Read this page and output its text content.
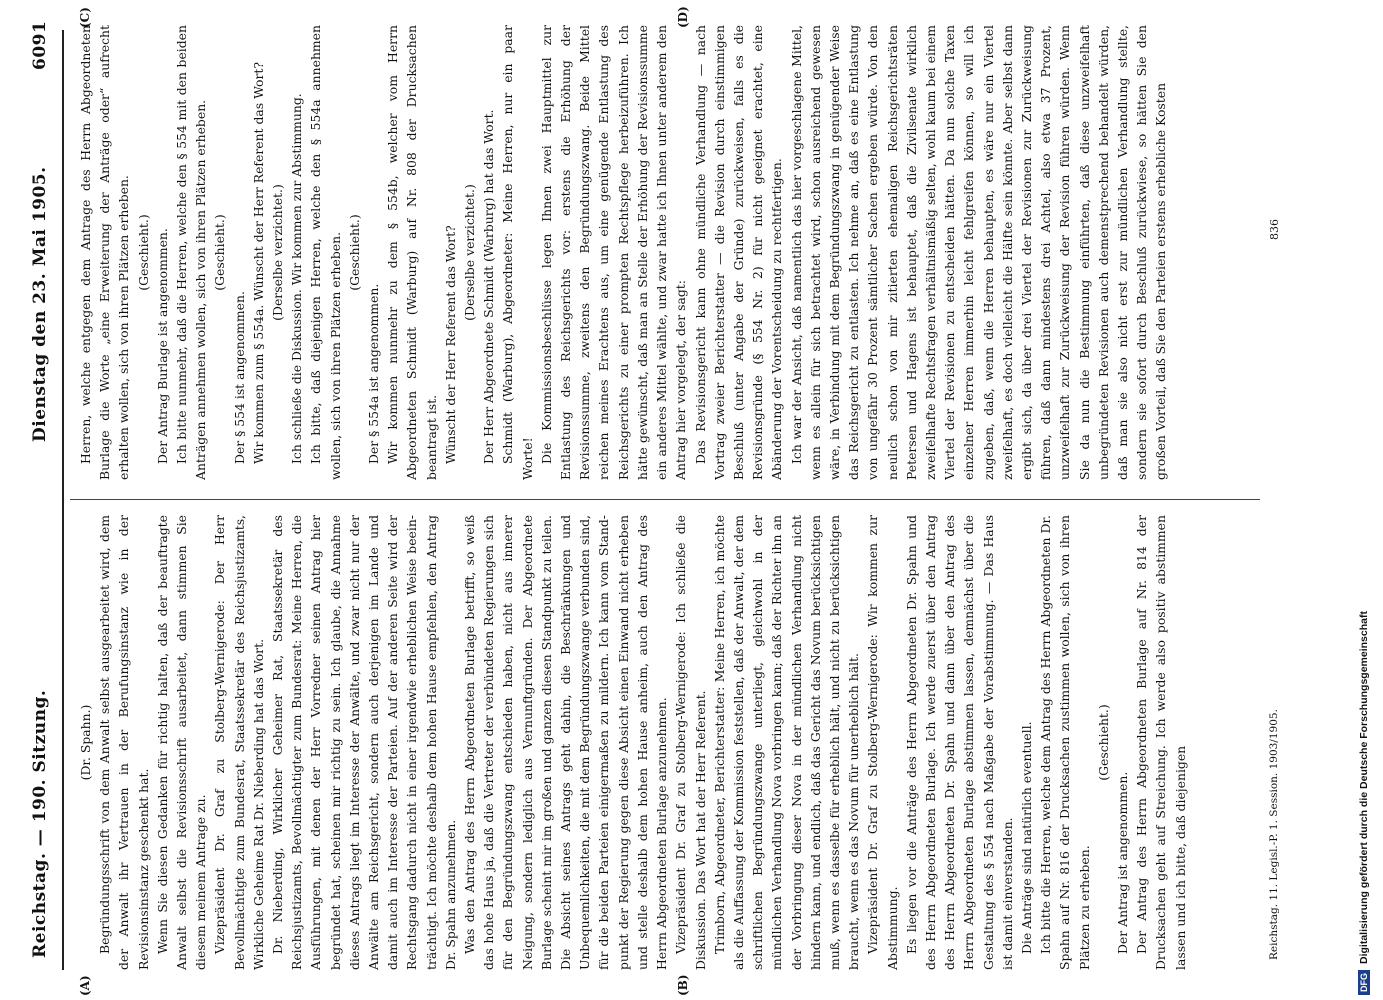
Reichstag. — 190. Sitzung.
Dienstag den 23. Mai 1905.
6091
(A)	(B)
(C)	(D)

(Dr. Spahn.) Begründungsschrift von dem Anwalt selbst ausgearbeitet wird, dem der Anwalt ihr Vertrauen in der Berufungsinstanz wie in der Revisionsinstanz geschenkt hat. Wenn Sie diesen Gedanken für richtig halten, daß der beauftragte Anwalt selbst die Revisionsschrift ausarbeitet, dann stimmen Sie diesem meinem Antrage zu. Vizepräsident Dr. Graf zu Stolberg-Wernigerode: Der Herr Bevollmächtigte zum Bundesrat, Staatssekretär des Reichsjustizamts, Wirkliche Geheime Rat Dr. Nieberding hat das Wort. Dr. Nieberding, Wirklicher Geheimer Rat, Staatssekretär des Reichsjustizamts, Bevollmächtigter zum Bundesrat: Meine Herren, die Ausführungen, mit denen der Herr Vorredner seinen Antrag hier begründet hat, scheinen mir richtig zu sein. Ich glaube, die Annahme dieses Antrags liegt im Interesse der Anwälte, und zwar nicht nur der Anwälte am Reichsgericht, sondern auch derjenigen im Lande und damit auch im Interesse der Parteien. Auf der anderen Seite wird der Rechtsgang dadurch nicht in einer irgendwie erheblichen Weise beeinträchtigt. Ich möchte deshalb dem hohen Hause empfehlen, den Antrag Dr. Spahn anzunehmen. Was den Antrag des Herrn Abgeordneten Burlage betrifft, so weiß das hohe Haus ja, daß die Vertreter der verbündeten Regierungen sich für den Begründungszwang entschieden haben, nicht aus innerer Neigung, sondern lediglich aus Vernunftgründen. Der Abgeordnete Burlage scheint mir im großen und ganzen diesen Standpunkt zu teilen. Die Absicht seines Antrags geht dahin, die Beschränkungen und Unbequemlichkeiten, die mit dem Begründungszwange verbunden sind, für die beiden Parteien einigermaßen zu mildern. Ich kann vom Standpunkt der Regierung gegen diese Absicht einen Einwand nicht erheben und stelle deshalb dem hohen Hause anheim, auch den Antrag des Herrn Abgeordneten Burlage anzunehmen. Vizepräsident Dr. Graf zu Stolberg-Wernigerode: Ich schließe die Diskussion. Das Wort hat der Herr Referent. Trimborn, Abgeordneter, Berichterstatter: Meine Herren, ich möchte als die Auffassung der Kommission feststellen, daß der Anwalt, der dem schriftlichen Begründungszwange unterliegt, gleichwohl in der mündlichen Verhandlung Nova vorbringen kann; daß der Richter ihn an der Vorbringung dieser Nova in der mündlichen Verhandlung nicht hindern kann, und endlich, daß das Gericht das Novum berücksichtigen muß, wenn es dasselbe für erheblich hält, und nicht zu berücksichtigen braucht, wenn es das Novum für unerheblich hält. Vizepräsident Dr. Graf zu Stolberg-Wernigerode: Wir kommen zur Abstimmung. Es liegen vor die Anträge des Herrn Abgeordneten Dr. Spahn und des Herrn Abgeordneten Burlage. Ich werde zuerst über den Antrag des Herrn Abgeordneten Dr. Spahn und dann über den Antrag des Herrn Abgeordneten Burlage abstimmen lassen, demnächst über die Gestaltung des § 554 nach Maßgabe der Vorabstimmung. — Das Haus ist damit einverstanden. Die Anträge sind natürlich eventuell. Ich bitte die Herren, welche dem Antrag des Herrn Abgeordneten Dr. Spahn auf Nr. 816 der Drucksachen zustimmen wollen, sich von ihren Plätzen zu erheben.

(Geschieht.)

Der Antrag ist angenommen. Der Antrag des Herrn Abgeordneten Burlage auf Nr. 814 der Drucksachen geht auf Streichung. Ich werde also positiv abstimmen lassen und ich bitte, daß diejenigen

Herren, welche entgegen dem Antrage des Herrn Abgeordneten Burlage die Worte „eine Erweiterung der Anträge oder“ aufrecht erhalten wollen, sich von ihren Plätzen erheben. (Geschieht.) Der Antrag Burlage ist angenommen. Ich bitte nunmehr, daß die Herren, welche den § 554 mit den beiden Anträgen annehmen wollen, sich von ihren Plätzen erheben. (Geschieht.)

Der § 554 ist angenommen. Wir kommen zum § 554a. Wünscht der Herr Referent das Wort? (Derselbe verzichtet.) Ich schließe die Diskussion. Wir kommen zur Abstimmung. Ich bitte, daß diejenigen Herren, welche den § 554a annehmen wollen, sich von ihren Plätzen erheben. (Geschieht.)

Der § 554a ist angenommen. Wir kommen nunmehr zu dem § 554b, welcher vom Herrn Abgeordneten Schmidt (Warburg) auf Nr. 808 der Drucksachen beantragt ist. Wünscht der Herr Referent das Wort? (Derselbe verzichtet.) Der Herr Abgeordnete Schmidt (Warburg) hat das Wort. Schmidt (Warburg), Abgeordneter: Meine Herren, nur ein paar Worte! Die Kommissionsbeschlüsse legen Ihnen zwei Hauptmittel zur Entlastung des Reichsgerichts vor: erstens die Erhöhung der Revisionssumme, zweitens den Begründungszwang. Beide Mittel reichen meines Erachtens aus, um eine genügende Entlastung des Reichsgerichts zu einer prompten Rechtspflege herbeizuführen. Ich hätte gewünscht, daß man an Stelle der Erhöhung der Revisionssumme ein anderes Mittel wählte, und zwar hatte ich Ihnen unter anderem den Antrag hier vorgelegt, der sagt: Das Revisionsgericht kann ohne mündliche Verhandlung — nach Vortrag zweier Berichterstatter — die Revision durch einstimmigen Beschluß (unter Angabe der Gründe) zurückweisen, falls es die Revisionsgründe (§ 554 Nr. 2) für nicht geeignet erachtet, eine Abänderung der Vorentscheidung zu rechtfertigen. Ich war der Ansicht, daß namentlich das hier vorgeschlagene Mittel, wenn es allein für sich betrachtet wird, schon ausreichend gewesen wäre, in Verbindung mit dem Begründungszwang in genügender Weise das Reichsgericht zu entlasten. Ich nehme an, daß es eine Entlastung von ungefähr 30 Prozent sämtlicher Sachen ergeben würde. Von den neulich schon von mir zitierten ehemaligen Reichsgerichtsräten Petersen und Hagens ist behauptet, daß die Zivilsenate wirklich zweifelhafte Rechtsfragen verhältnismäßig selten, wohl kaum bei einem Viertel der Revisionen zu entscheiden hätten. Da nun solche Taxen einzelner Herren immerhin leicht fehlgreifen können, so will ich zugeben, daß, wenn die Herren behaupten, es wäre nur ein Viertel zweifelhaft, es doch vielleicht die Hälfte sein könnte. Aber selbst dann ergibt sich, da über drei Viertel der Revisionen zur Zurückweisung führen, daß dann mindestens drei Achtel, also etwa 37 Prozent, unzweifelhaft zur Zurückweisung der Revision führen würden. Wenn Sie da nun die Bestimmung einführten, daß diese unzweifelhaft unbegründeten Revisionen auch demenstprechend behandelt würden, daß man sie also nicht erst zur mündlichen Verhandlung stellte, sondern sie sofort durch Beschluß zurückwiese, so hätten Sie den großen Vorteil, daß Sie den Parteien erstens erhebliche Kosten

Reichstag. 11. Legisl.-P. 1. Session. 1903/1905.
836
DFGDigitalisierung gefördert durch die Deutsche Forschungsgemeinschaft
